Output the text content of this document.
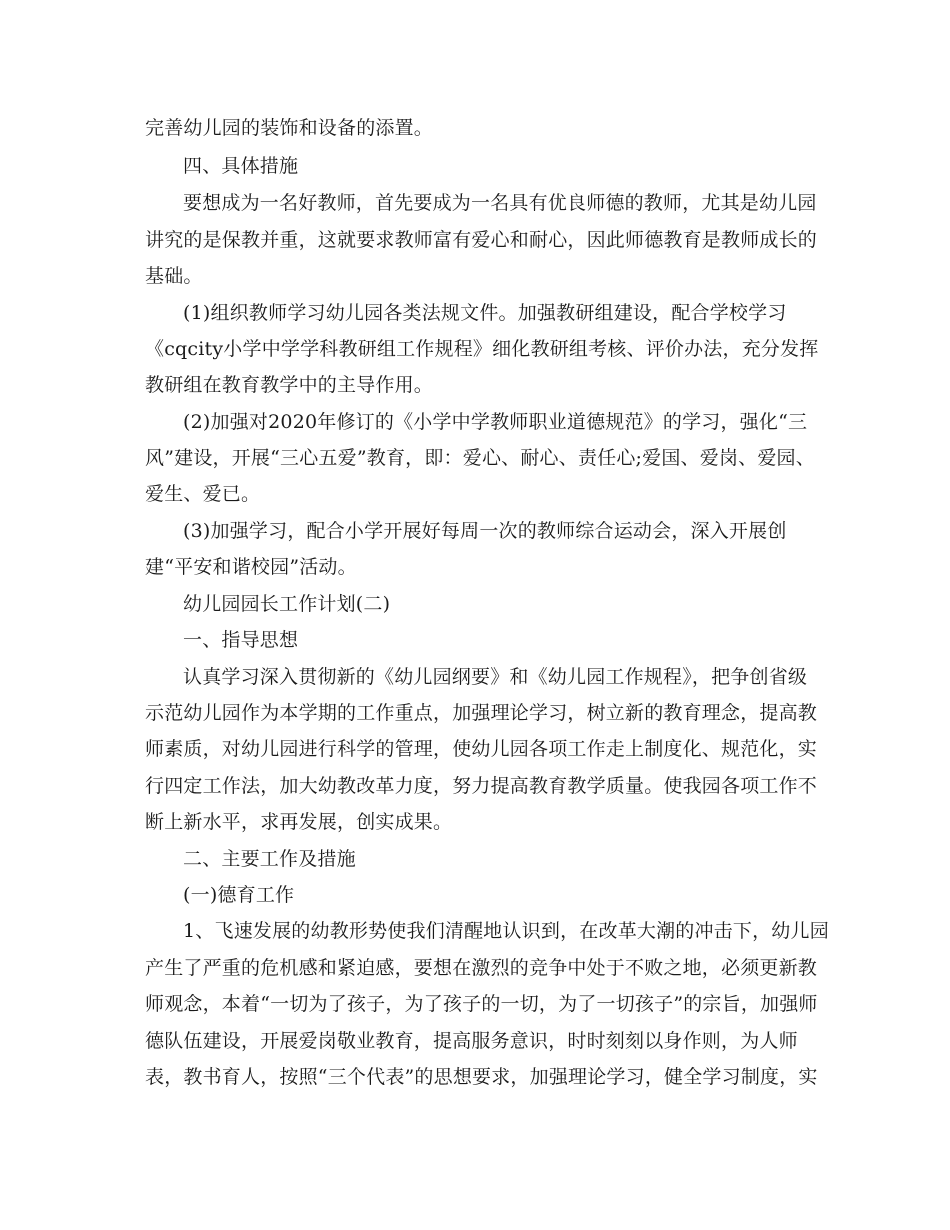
完善幼儿园的装饰和设备的添置。
四、具体措施
要想成为一名好教师，首先要成为一名具有优良师德的教师，尤其是幼儿园
讲究的是保教并重，这就要求教师富有爱心和耐心，因此师德教育是教师成长的
基础。
(1)组织教师学习幼儿园各类法规文件。加强教研组建设，配合学校学习
《cqcity小学中学学科教研组工作规程》细化教研组考核、评价办法，充分发挥
教研组在教育教学中的主导作用。
(2)加强对2020年修订的《小学中学教师职业道德规范》的学习，强化“三
风”建设，开展“三心五爱”教育，即：爱心、耐心、责任心;爱国、爱岗、爱园、
爱生、爱已。
(3)加强学习，配合小学开展好每周一次的教师综合运动会，深入开展创
建“平安和谐校园”活动。
幼儿园园长工作计划(二)
一、指导思想
认真学习深入贯彻新的《幼儿园纲要》和《幼儿园工作规程》，把争创省级
示范幼儿园作为本学期的工作重点，加强理论学习，树立新的教育理念，提高教
师素质，对幼儿园进行科学的管理，使幼儿园各项工作走上制度化、规范化，实
行四定工作法，加大幼教改革力度，努力提高教育教学质量。使我园各项工作不
断上新水平，求再发展，创实成果。
二、主要工作及措施
(一)德育工作
1、飞速发展的幼教形势使我们清醒地认识到，在改革大潮的冲击下，幼儿园
产生了严重的危机感和紧迫感，要想在激烈的竞争中处于不败之地，必须更新教
师观念，本着“一切为了孩子，为了孩子的一切，为了一切孩子”的宗旨，加强师
德队伍建设，开展爱岗敬业教育，提高服务意识，时时刻刻以身作则，为人师
表，教书育人，按照“三个代表”的思想要求，加强理论学习，健全学习制度，实
